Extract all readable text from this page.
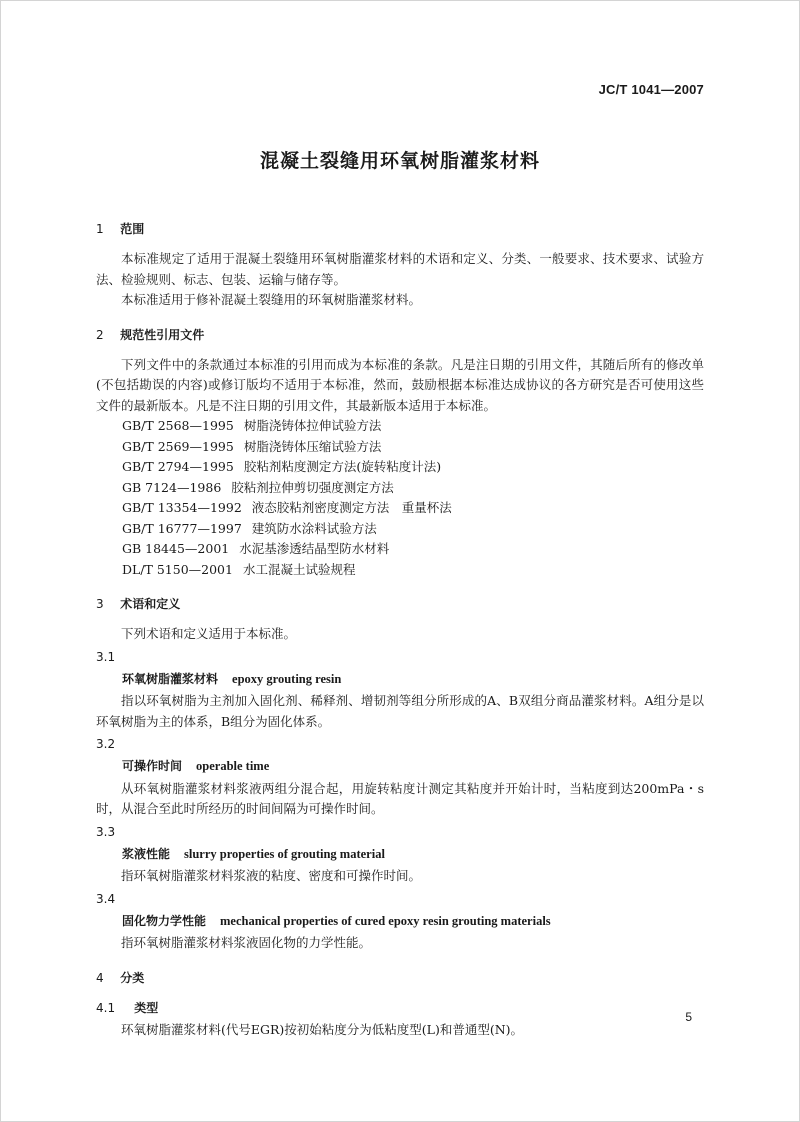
JC/T 1041—2007
混凝土裂缝用环氧树脂灌浆材料
1 范围

本标准规定了适用于混凝土裂缝用环氧树脂灌浆材料的术语和定义、分类、一般要求、技术要求、试验方法、检验规则、标志、包装、运输与储存等。

本标准适用于修补混凝土裂缝用的环氧树脂灌浆材料。

2 规范性引用文件

下列文件中的条款通过本标准的引用而成为本标准的条款。凡是注日期的引用文件，其随后所有的修改单(不包括勘误的内容)或修订版均不适用于本标准，然而，鼓励根据本标准达成协议的各方研究是否可使用这些文件的最新版本。凡是不注日期的引用文件，其最新版本适用于本标准。

GB/T 2568—1995 树脂浇铸体拉伸试验方法
GB/T 2569—1995 树脂浇铸体压缩试验方法
GB/T 2794—1995 胶粘剂粘度测定方法(旋转粘度计法)
GB 7124—1986 胶粘剂拉伸剪切强度测定方法
GB/T 13354—1992 液态胶粘剂密度测定方法　重量杯法
GB/T 16777—1997 建筑防水涂料试验方法
GB 18445—2001 水泥基渗透结晶型防水材料
DL/T 5150—2001 水工混凝土试验规程
3 术语和定义

下列术语和定义适用于本标准。

3.1
环氧树脂灌浆材料 epoxy grouting resin

指以环氧树脂为主剂加入固化剂、稀释剂、增韧剂等组分所形成的A、B双组分商品灌浆材料。A组分是以环氧树脂为主的体系，B组分为固化体系。

3.2
可操作时间 operable time

从环氧树脂灌浆材料浆液两组分混合起，用旋转粘度计测定其粘度并开始计时，当粘度到达200mPa・s时，从混合至此时所经历的时间间隔为可操作时间。

3.3
浆液性能 slurry properties of grouting material

指环氧树脂灌浆材料浆液的粘度、密度和可操作时间。

3.4
固化物力学性能 mechanical properties of cured epoxy resin grouting materials

指环氧树脂灌浆材料浆液固化物的力学性能。

4 分类
4.1 类型

环氧树脂灌浆材料(代号EGR)按初始粘度分为低粘度型(L)和普通型(N)。

5
